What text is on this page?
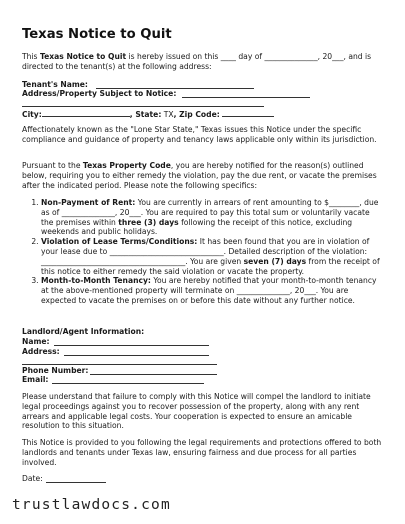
Texas Notice to Quit

This Texas Notice to Quit is hereby issued on this ____ day of ______________, 20___, and is directed to the tenant(s) at the following address:

Tenant's Name:
Address/Property Subject to Notice:
City:	, State: TX, Zip Code:

Affectionately known as the "Lone Star State," Texas issues this Notice under the specific compliance and guidance of property and tenancy laws applicable only within its jurisdiction.

Pursuant to the Texas Property Code, you are hereby notified for the reason(s) outlined below, requiring you to either remedy the violation, pay the due rent, or vacate the premises after the indicated period. Please note the following specifics:

1. Non-Payment of Rent: You are currently in arrears of rent amounting to $________, due as of ______________, 20___. You are required to pay this total sum or voluntarily vacate the premises within three (3) days following the receipt of this notice, excluding weekends and public holidays.
2. Violation of Lease Terms/Conditions: It has been found that you are in violation of your lease due to ______________________________. Detailed description of the violation: ______________________________________. You are given seven (7) days from the receipt of this notice to either remedy the said violation or vacate the property.
3. Month-to-Month Tenancy: You are hereby notified that your month-to-month tenancy at the above-mentioned property will terminate on ______________, 20___. You are expected to vacate the premises on or before this date without any further notice.
Landlord/Agent Information:
Name:
Address:
Phone Number:
Email:

Please understand that failure to comply with this Notice will compel the landlord to initiate legal proceedings against you to recover possession of the property, along with any rent arrears and applicable legal costs. Your cooperation is expected to ensure an amicable resolution to this situation.

This Notice is provided to you following the legal requirements and protections offered to both landlords and tenants under Texas law, ensuring fairness and due process for all parties involved.

Date:
trustlawdocs.com
